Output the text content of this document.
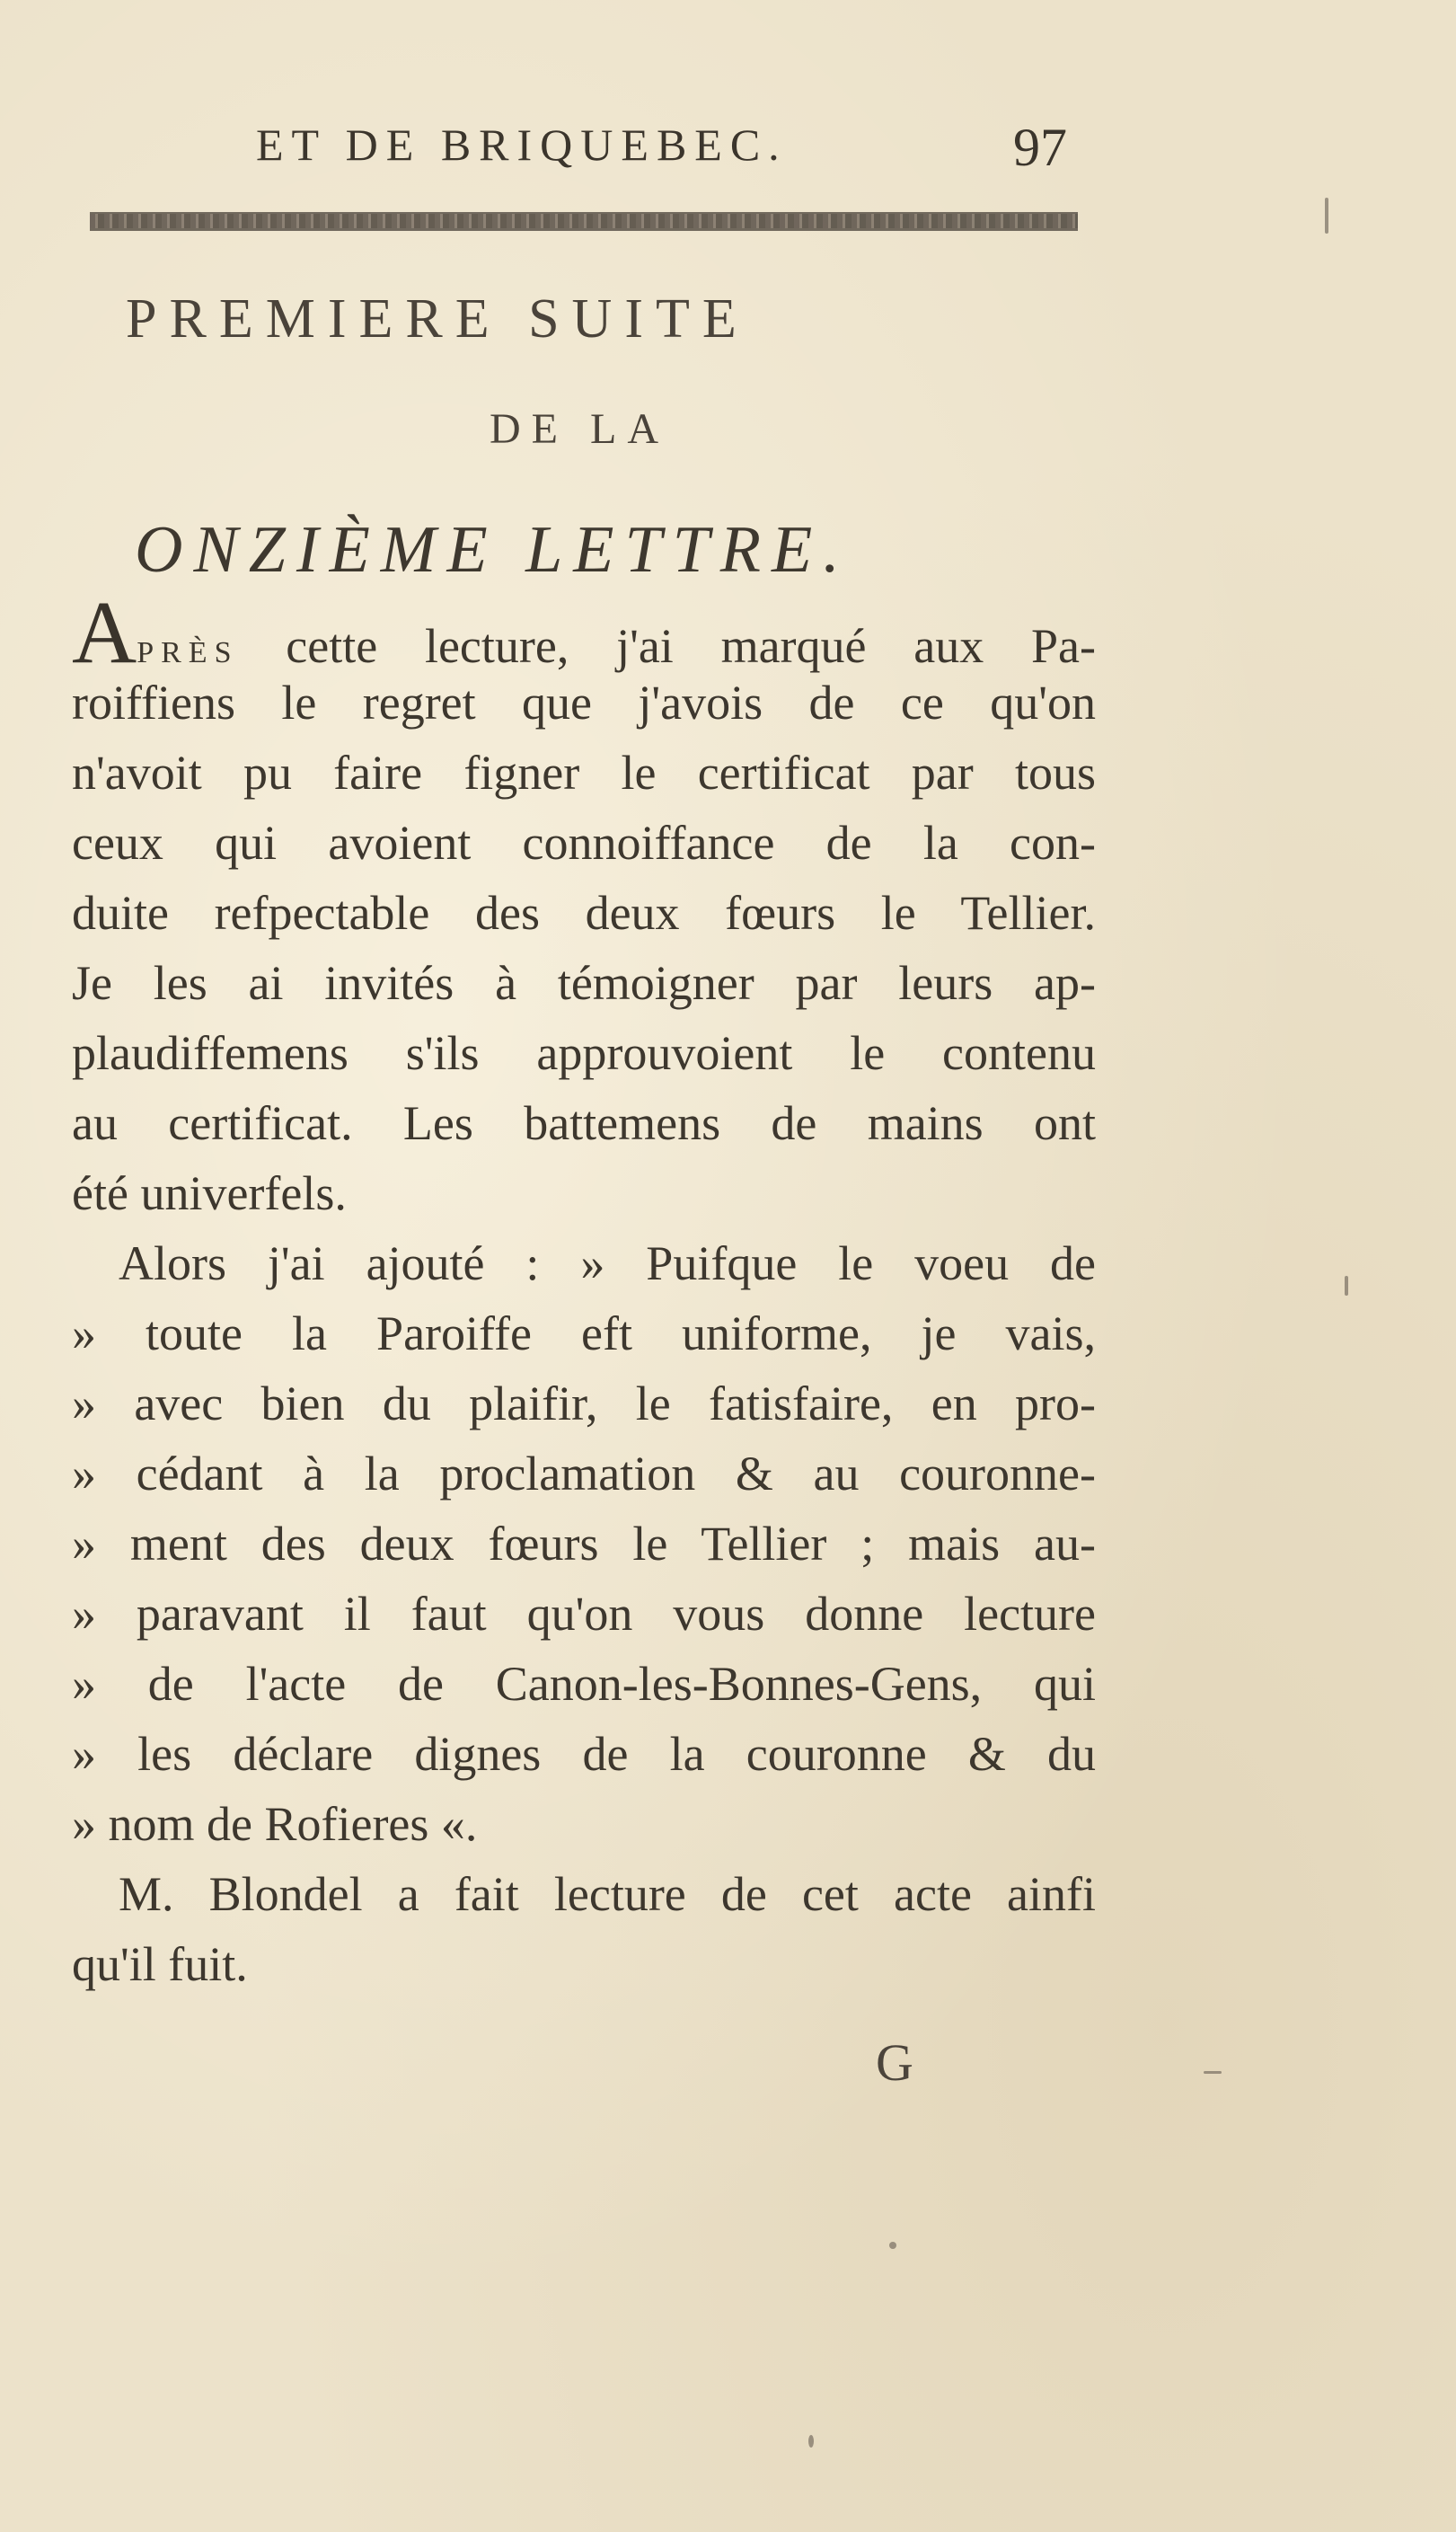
ET DE BRIQUEBEC.	97
PREMIERE SUITE
DE LA
ONZIÈME LETTRE.
APRÈS cette lecture, j'ai marqué aux Pa-
roiffiens le regret que j'avois de ce qu'on
n'avoit pu faire figner le certificat par tous
ceux qui avoient connoiffance de la con-
duite refpectable des deux fœurs le Tellier.
Je les ai invités à témoigner par leurs ap-
plaudiffemens s'ils approuvoient le contenu
au certificat. Les battemens de mains ont
été univerfels.
Alors j'ai ajouté : » Puifque le voeu de
» toute la Paroiffe eft uniforme, je vais,
» avec bien du plaifir, le fatisfaire, en pro-
» cédant à la proclamation & au couronne-
» ment des deux fœurs le Tellier ; mais au-
» paravant il faut qu'on vous donne lecture
» de l'acte de Canon-les-Bonnes-Gens, qui
» les déclare dignes de la couronne & du
» nom de Rofieres «.
M. Blondel a fait lecture de cet acte ainfi
qu'il fuit.
G
